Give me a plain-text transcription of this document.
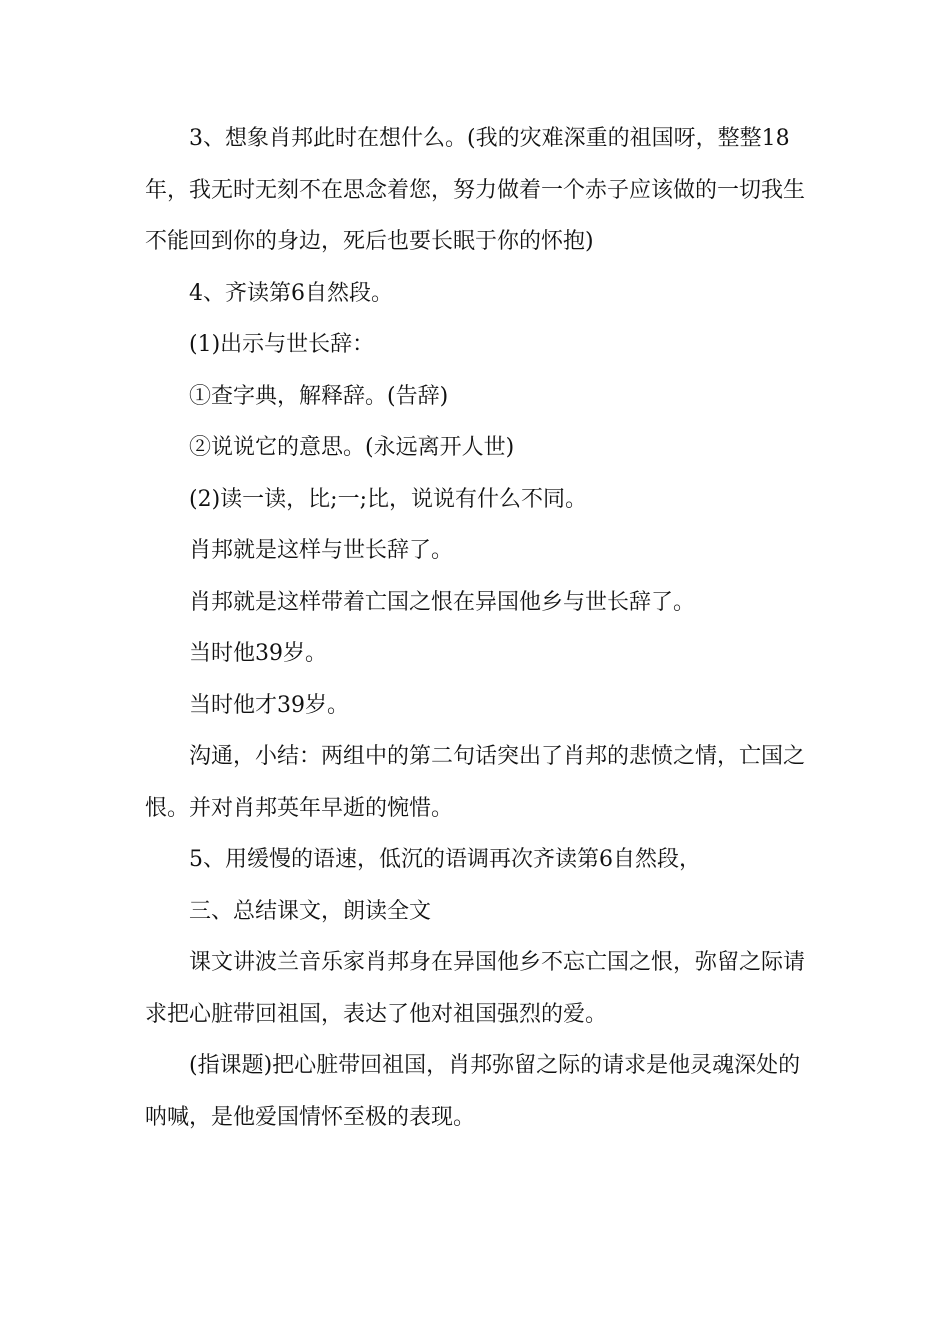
3、想象肖邦此时在想什么。(我的灾难深重的祖国呀，整整18年，我无时无刻不在思念着您，努力做着一个赤子应该做的一切我生不能回到你的身边，死后也要长眠于你的怀抱)

4、齐读第6自然段。

(1)出示与世长辞：

①查字典，解释辞。(告辞)

②说说它的意思。(永远离开人世)

(2)读一读，比;一;比，说说有什么不同。

肖邦就是这样与世长辞了。

肖邦就是这样带着亡国之恨在异国他乡与世长辞了。

当时他39岁。

当时他才39岁。

沟通，小结：两组中的第二句话突出了肖邦的悲愤之情，亡国之恨。并对肖邦英年早逝的惋惜。

5、用缓慢的语速，低沉的语调再次齐读第6自然段，

三、总结课文，朗读全文

课文讲波兰音乐家肖邦身在异国他乡不忘亡国之恨，弥留之际请求把心脏带回祖国，表达了他对祖国强烈的爱。

(指课题)把心脏带回祖国，肖邦弥留之际的请求是他灵魂深处的呐喊，是他爱国情怀至极的表现。
